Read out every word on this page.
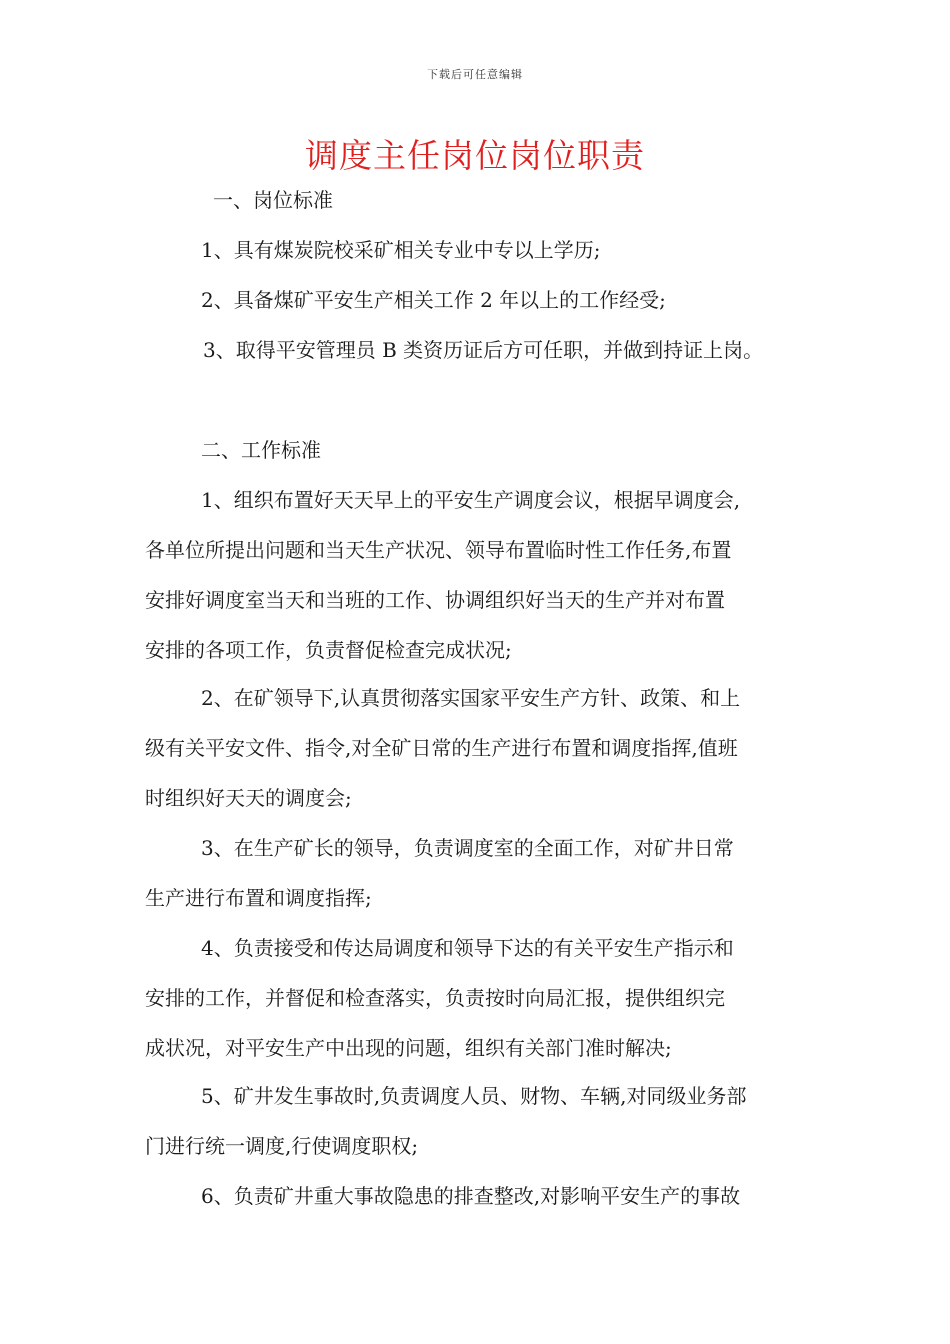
下载后可任意编辑
调度主任岗位岗位职责
一、岗位标准
1、具有煤炭院校采矿相关专业中专以上学历;
2、具备煤矿平安生产相关工作 2 年以上的工作经受;
3、取得平安管理员 B 类资历证后方可任职，并做到持证上岗。
二、工作标准
1、组织布置好天天早上的平安生产调度会议，根据早调度会,
各单位所提出问题和当天生产状况、领导布置临时性工作任务,布置
安排好调度室当天和当班的工作、协调组织好当天的生产并对布置
安排的各项工作，负责督促检查完成状况;
2、在矿领导下,认真贯彻落实国家平安生产方针、政策、和上
级有关平安文件、指令,对全矿日常的生产进行布置和调度指挥,值班
时组织好天天的调度会;
3、在生产矿长的领导，负责调度室的全面工作，对矿井日常
生产进行布置和调度指挥;
4、负责接受和传达局调度和领导下达的有关平安生产指示和
安排的工作，并督促和检查落实，负责按时向局汇报，提供组织完
成状况，对平安生产中出现的问题，组织有关部门准时解决;
5、矿井发生事故时,负责调度人员、财物、车辆,对同级业务部
门进行统一调度,行使调度职权;
6、负责矿井重大事故隐患的排查整改,对影响平安生产的事故
